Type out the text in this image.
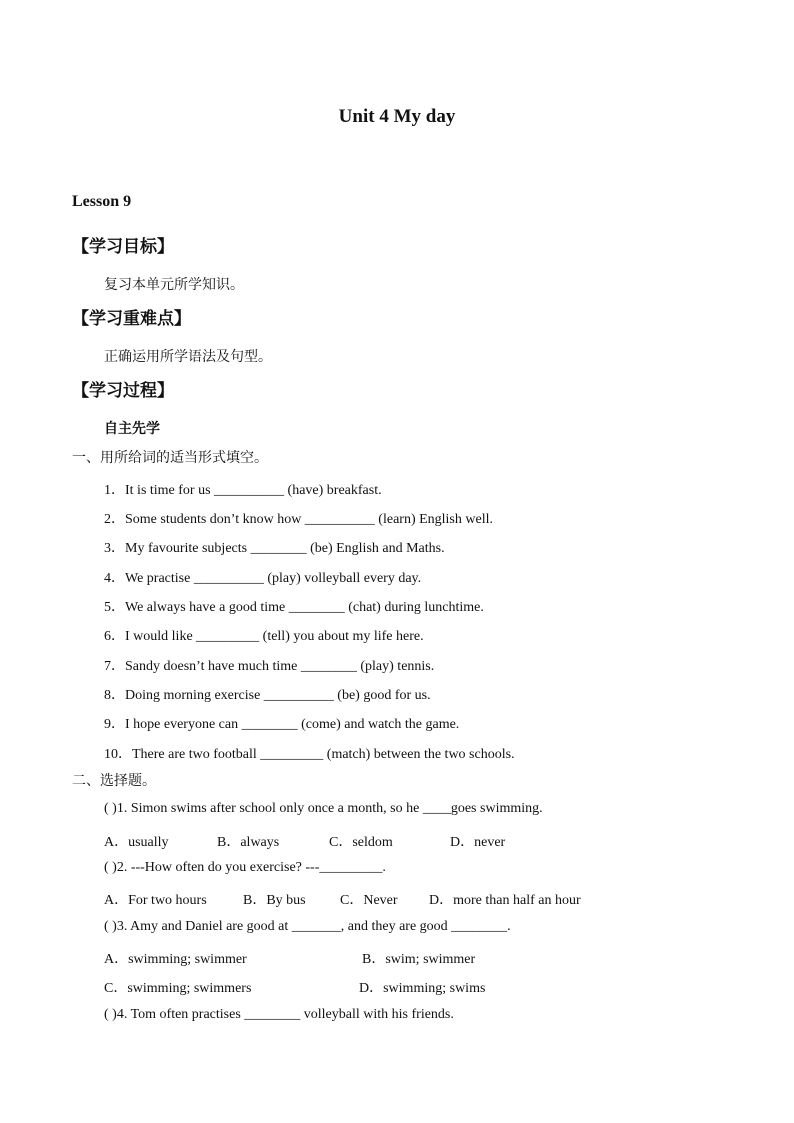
Unit 4 My day
Lesson 9
【学习目标】
复习本单元所学知识。
【学习重难点】
正确运用所学语法及句型。
【学习过程】
自主先学
一、用所给词的适当形式填空。
1．It is time for us __________ (have) breakfast.
2．Some students don’t know how __________ (learn) English well.
3．My favourite subjects ________ (be) English and Maths.
4．We practise __________ (play) volleyball every day.
5．We always have a good time ________ (chat) during lunchtime.
6．I would like _________ (tell) you about my life here.
7．Sandy doesn’t have much time ________ (play) tennis.
8．Doing morning exercise __________ (be) good for us.
9．I hope everyone can ________ (come) and watch the game.
10．There are two football _________ (match) between the two schools.
二、选择题。
( )1. Simon swims after school only once a month, so he ____goes swimming.
A．usually	B．always	C．seldom	D．never
( )2. ---How often do you exercise? ---_________.
A．For two hours	B．By bus C．Never D．more than half an hour
( )3. Amy and Daniel are good at _______, and they are good ________.
A．swimming; swimmer	B．swim; swimmer
C．swimming; swimmers	D．swimming; swims
( )4. Tom often practises ________ volleyball with his friends.
